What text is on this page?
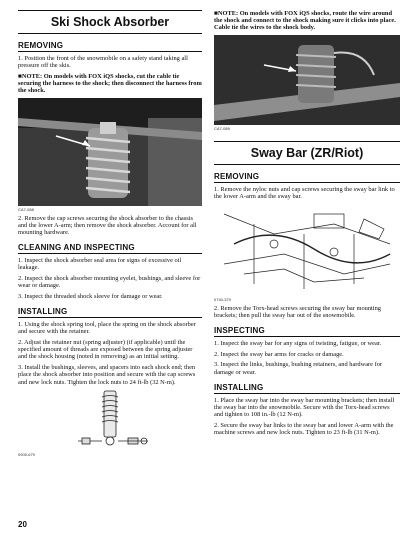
Ski Shock Absorber
REMOVING
1. Position the front of the snowmobile on a safety stand taking all pressure off the skis.
■NOTE: On models with FOX iQS shocks, cut the cable tie securing the harness to the shock; then disconnect the harness from the shock.
CA7-088
2. Remove the cap screws securing the shock absorber to the chassis and the lower A-arm; then remove the shock absorber. Account for all mounting hardware.
CLEANING AND INSPECTING
1. Inspect the shock absorber seal area for signs of excessive oil leakage.
2. Inspect the shock absorber mounting eyelet, bushings, and sleeve for wear or damage.
3. Inspect the threaded shock sleeve for damage or wear.
INSTALLING
1. Using the shock spring tool, place the spring on the shock absorber and secure with the retainer.
2. Adjust the retainer nut (spring adjuster) (if applicable) until the specified amount of threads are exposed between the spring adjuster and the shock housing (noted in removing) as an initial setting.
3. Install the bushings, sleeves, and spacers into each shock end; then place the shock absorber into position and secure with the cap screws and new lock nuts. Tighten the lock nuts to 24 ft-lb (32 N-m).
0905-679
■NOTE: On models with FOX iQS shocks, route the wire around the shock and connect to the shock making sure it clicks into place. Cable tie the wires to the shock body.
CA7-089
Sway Bar (ZR/Riot)
REMOVING
1. Remove the nyloc nuts and cap screws securing the sway bar link to the lower A-arm and the sway bar.
0740-379
2. Remove the Torx-head screws securing the sway bar mounting brackets; then pull the sway bar out of the snowmobile.
INSPECTING
1. Inspect the sway bar for any signs of twisting, fatigue, or wear.
2. Inspect the sway bar arms for cracks or damage.
3. Inspect the links, bushings, bushing retainers, and hardware for damage or wear.
INSTALLING
1. Place the sway bar into the sway bar mounting brackets; then install the sway bar into the snowmobile. Secure with the Torx-head screws and tighten to 108 in.-lb (12 N-m).
2. Secure the sway bar links to the sway bar and lower A-arm with the machine screws and new lock nuts. Tighten to 23 ft-lb (31 N-m).
20
